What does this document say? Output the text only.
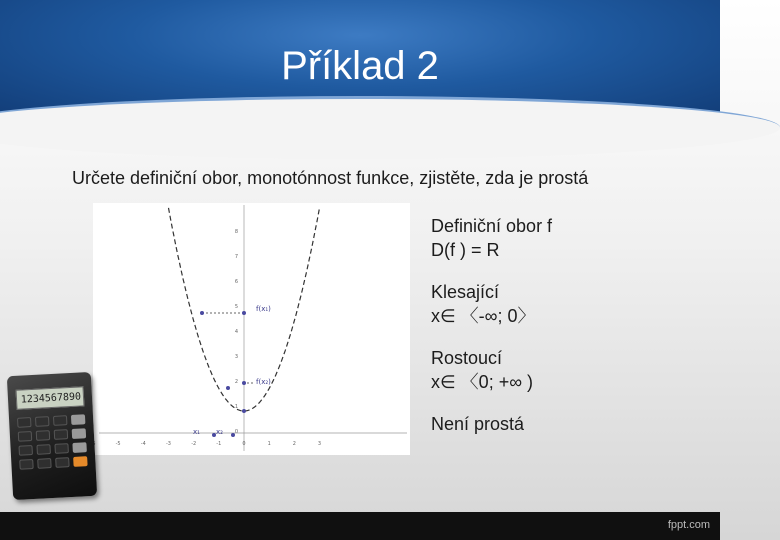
Příklad 2
Určete definiční obor, monotónnost funkce, zjistěte, zda je prostá
-5	-4	-3	-2	-1	0	1	2	3
8
7
6
5
4
3
2
1
0
f(x₁)
f(x₂)
x₁ x₂
Definiční obor f
D(f ) = R
Klesající
x∈ 〈-∞; 0〉
Rostoucí
x∈ 〈0; +∞ )
Není prostá
1234567890
fppt.com
